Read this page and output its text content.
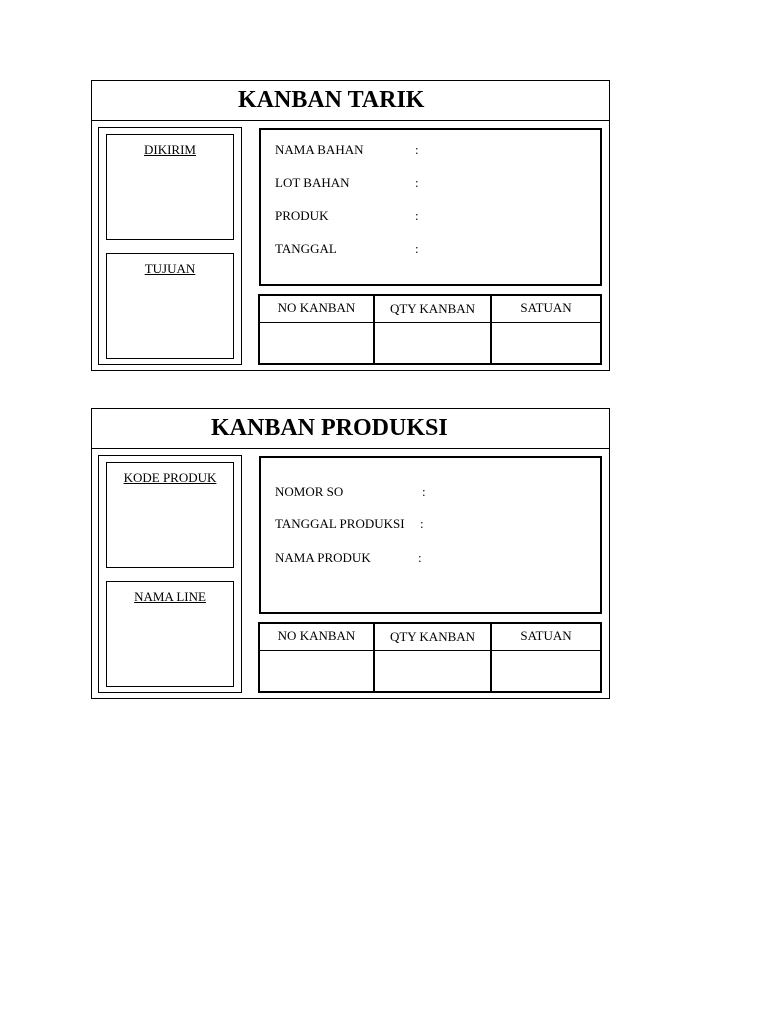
KANBAN TARIK
DIKIRIM
TUJUAN
NAMA BAHAN	:
LOT BAHAN	:
PRODUK	:
TANGGAL	:
NO KANBAN	QTY KANBAN	SATUAN
KANBAN PRODUKSI
KODE PRODUK
NAMA LINE
NOMOR SO	:
TANGGAL PRODUKSI :
NAMA PRODUK	:
NO KANBAN	QTY KANBAN	SATUAN
